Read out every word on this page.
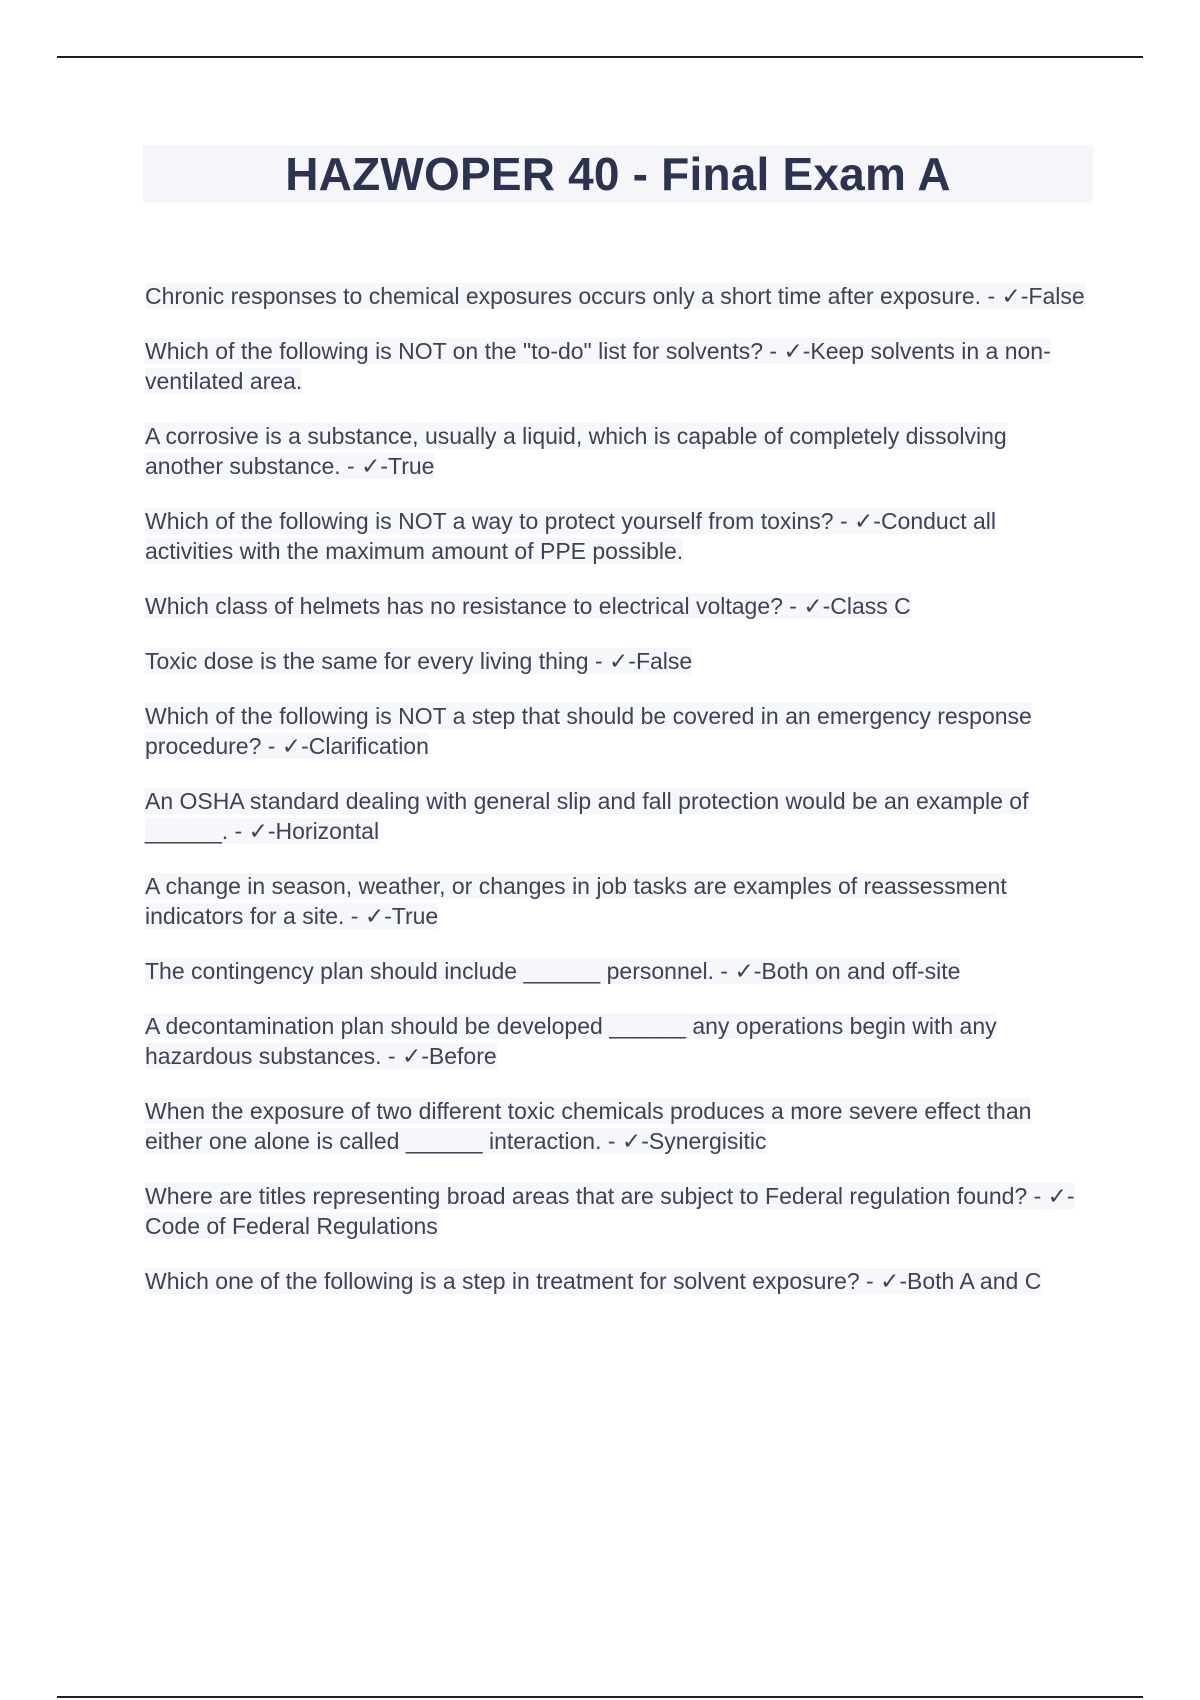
HAZWOPER 40 - Final Exam A

Chronic responses to chemical exposures occurs only a short time after exposure. - ✓-False

Which of the following is NOT on the "to-do" list for solvents? - ✓-Keep solvents in a non-ventilated area.

A corrosive is a substance, usually a liquid, which is capable of completely dissolving another substance. - ✓-True

Which of the following is NOT a way to protect yourself from toxins? - ✓-Conduct all activities with the maximum amount of PPE possible.

Which class of helmets has no resistance to electrical voltage? - ✓-Class C

Toxic dose is the same for every living thing - ✓-False

Which of the following is NOT a step that should be covered in an emergency response procedure? - ✓-Clarification

An OSHA standard dealing with general slip and fall protection would be an example of ______. - ✓-Horizontal

A change in season, weather, or changes in job tasks are examples of reassessment indicators for a site. - ✓-True

The contingency plan should include ______ personnel. - ✓-Both on and off-site

A decontamination plan should be developed ______ any operations begin with any hazardous substances. - ✓-Before

When the exposure of two different toxic chemicals produces a more severe effect than either one alone is called ______ interaction. - ✓-Synergisitic

Where are titles representing broad areas that are subject to Federal regulation found? - ✓-Code of Federal Regulations

Which one of the following is a step in treatment for solvent exposure? - ✓-Both A and C
